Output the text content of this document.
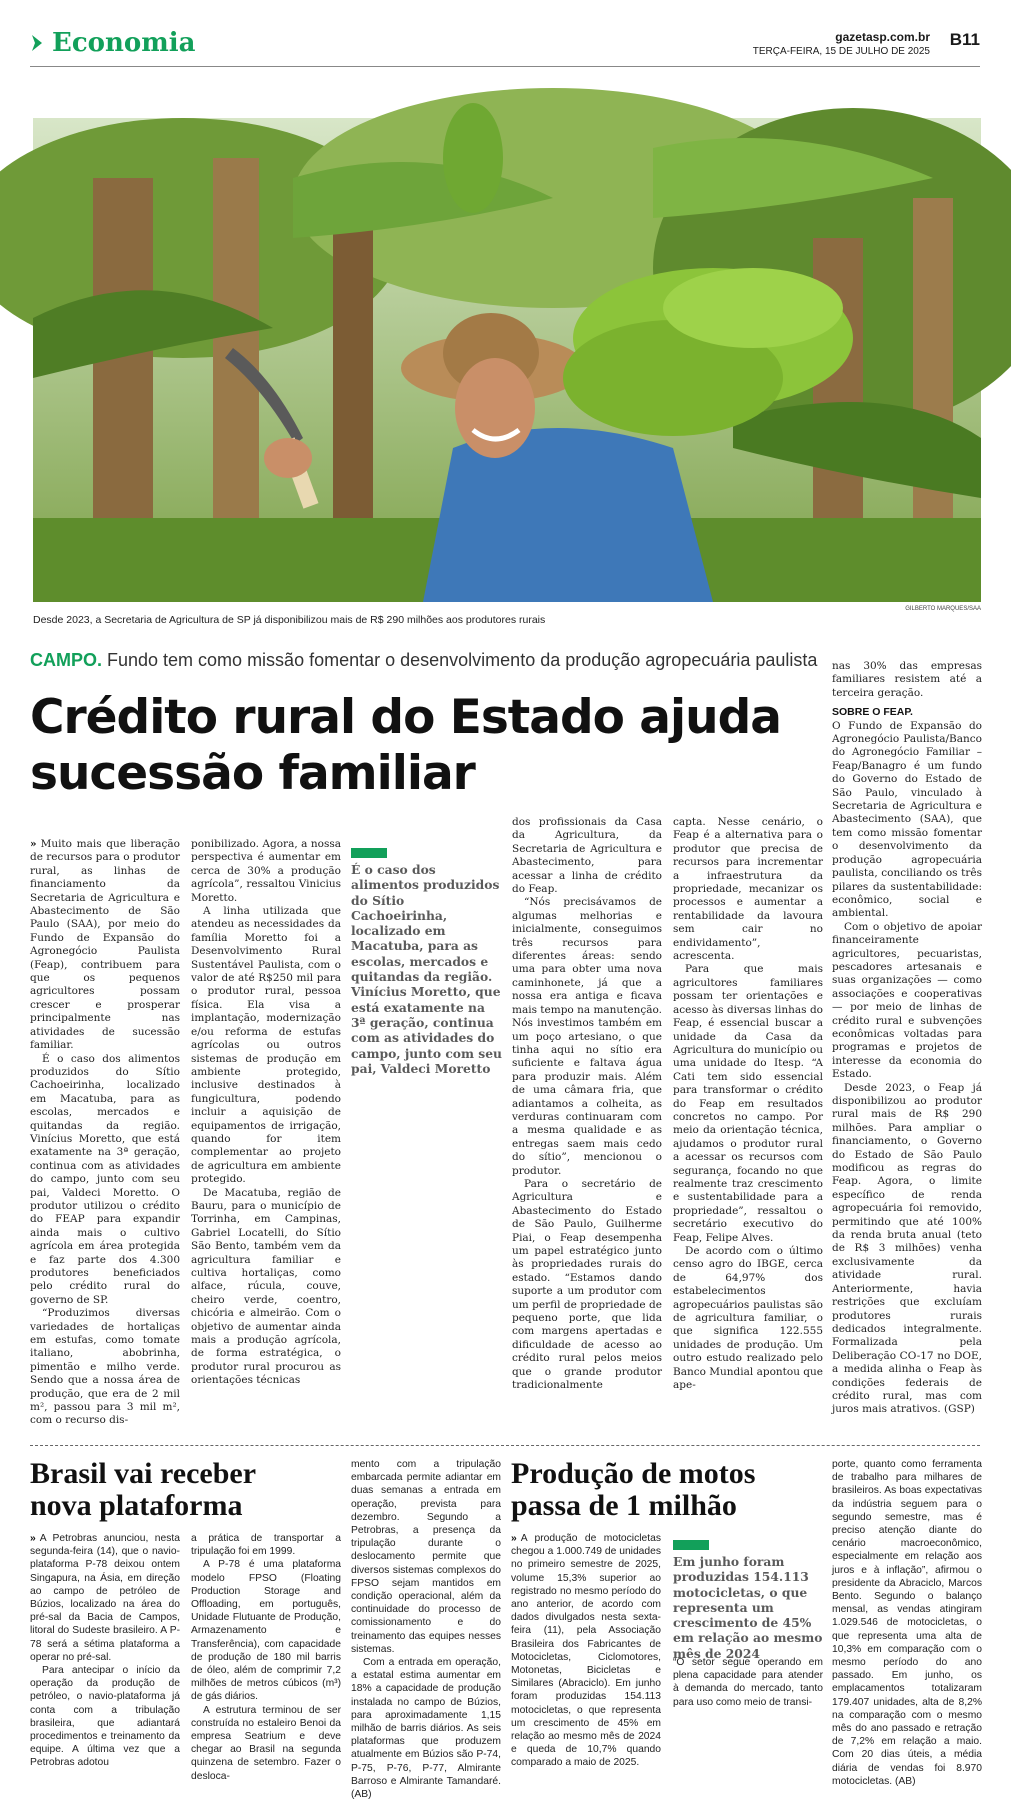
Economia	gazetasp.com.br
TERÇA-FEIRA, 15 DE JULHO DE 2025
B11
Desde 2023, a Secretaria de Agricultura de SP já disponibilizou mais de R$ 290 milhões aos produtores rurais
GILBERTO MARQUES/SAA
CAMPO. Fundo tem como missão fomentar o desenvolvimento da produção agropecuária paulista
Crédito rural do Estado ajuda sucessão familiar

» Muito mais que liberação de recursos para o produtor rural, as linhas de financiamento da Secretaria de Agricultura e Abastecimento de São Paulo (SAA), por meio do Fundo de Expansão do Agronegócio Paulista (Feap), contribuem para que os pequenos agricultores possam crescer e prosperar principalmente nas atividades de sucessão familiar.

É o caso dos alimentos produzidos do Sítio Cachoeirinha, localizado em Macatuba, para as escolas, mercados e quitandas da região. Vinícius Moretto, que está exatamente na 3ª geração, continua com as atividades do campo, junto com seu pai, Valdeci Moretto. O produtor utilizou o crédito do FEAP para expandir ainda mais o cultivo agrícola em área protegida e faz parte dos 4.300 produtores beneficiados pelo crédito rural do governo de SP.

“Produzimos diversas variedades de hortaliças em estufas, como tomate italiano, abobrinha, pimentão e milho verde. Sendo que a nossa área de produção, que era de 2 mil m², passou para 3 mil m², com o recurso dis-

ponibilizado. Agora, a nossa perspectiva é aumentar em cerca de 30% a produção agrícola”, ressaltou Vinicius Moretto.

A linha utilizada que atendeu as necessidades da família Moretto foi a Desenvolvimento Rural Sustentável Paulista, com o valor de até R$250 mil para o produtor rural, pessoa física. Ela visa a implantação, modernização e/ou reforma de estufas agrícolas ou outros sistemas de produção em ambiente protegido, inclusive destinados à fungicultura, podendo incluir a aquisição de equipamentos de irrigação, quando for item complementar ao projeto de agricultura em ambiente protegido.

De Macatuba, região de Bauru, para o município de Torrinha, em Campinas, Gabriel Locatelli, do Sítio São Bento, também vem da agricultura familiar e cultiva hortaliças, como alface, rúcula, couve, cheiro verde, coentro, chicória e almeirão. Com o objetivo de aumentar ainda mais a produção agrícola, de forma estratégica, o produtor rural procurou as orientações técnicas

É o caso dos alimentos produzidos do Sítio Cachoeirinha, localizado em Macatuba, para as escolas, mercados e quitandas da região. Vinícius Moretto, que está exatamente na 3ª geração, continua com as atividades do campo, junto com seu pai, Valdeci Moretto

dos profissionais da Casa da Agricultura, da Secretaria de Agricultura e Abastecimento, para acessar a linha de crédito do Feap.

“Nós precisávamos de algumas melhorias e inicialmente, conseguimos três recursos para diferentes áreas: sendo uma para obter uma nova caminhonete, já que a nossa era antiga e ficava mais tempo na manutenção. Nós investimos também em um poço artesiano, o que tinha aqui no sítio era suficiente e faltava água para produzir mais. Além de uma câmara fria, que adiantamos a colheita, as verduras continuaram com a mesma qualidade e as entregas saem mais cedo do sítio”, mencionou o produtor.

Para o secretário de Agricultura e Abastecimento do Estado de São Paulo, Guilherme Piai, o Feap desempenha um papel estratégico junto às propriedades rurais do estado. “Estamos dando suporte a um produtor com um perfil de propriedade de pequeno porte, que lida com margens apertadas e dificuldade de acesso ao crédito rural pelos meios que o grande produtor tradicionalmente

capta. Nesse cenário, o Feap é a alternativa para o produtor que precisa de recursos para incrementar a infraestrutura da propriedade, mecanizar os processos e aumentar a rentabilidade da lavoura sem cair no endividamento”, acrescenta.

Para que mais agricultores familiares possam ter orientações e acesso às diversas linhas do Feap, é essencial buscar a unidade da Casa da Agricultura do município ou uma unidade do Itesp. “A Cati tem sido essencial para transformar o crédito do Feap em resultados concretos no campo. Por meio da orientação técnica, ajudamos o produtor rural a acessar os recursos com segurança, focando no que realmente traz crescimento e sustentabilidade para a propriedade”, ressaltou o secretário executivo do Feap, Felipe Alves.

De acordo com o último censo agro do IBGE, cerca de 64,97% dos estabelecimentos agropecuários paulistas são de agricultura familiar, o que significa 122.555 unidades de produção. Um outro estudo realizado pelo Banco Mundial apontou que ape-

nas 30% das empresas familiares resistem até a terceira geração.

SOBRE O FEAP.

O Fundo de Expansão do Agronegócio Paulista/Banco do Agronegócio Familiar – Feap/Banagro é um fundo do Governo do Estado de São Paulo, vinculado à Secretaria de Agricultura e Abastecimento (SAA), que tem como missão fomentar o desenvolvimento da produção agropecuária paulista, conciliando os três pilares da sustentabilidade: econômico, social e ambiental.

Com o objetivo de apoiar financeiramente agricultores, pecuaristas, pescadores artesanais e suas organizações — como associações e cooperativas — por meio de linhas de crédito rural e subvenções econômicas voltadas para programas e projetos de interesse da economia do Estado.

Desde 2023, o Feap já disponibilizou ao produtor rural mais de R$ 290 milhões. Para ampliar o financiamento, o Governo do Estado de São Paulo modificou as regras do Feap. Agora, o limite específico de renda agropecuária foi removido, permitindo que até 100% da renda bruta anual (teto de R$ 3 milhões) venha exclusivamente da atividade rural. Anteriormente, havia restrições que excluíam produtores rurais dedicados integralmente. Formalizada pela Deliberação CO-17 no DOE, a medida alinha o Feap às condições federais de crédito rural, mas com juros mais atrativos. (GSP)

Brasil vai receber nova plataforma

» A Petrobras anunciou, nesta segunda-feira (14), que o navio-plataforma P-78 deixou ontem Singapura, na Ásia, em direção ao campo de petróleo de Búzios, localizado na área do pré-sal da Bacia de Campos, litoral do Sudeste brasileiro. A P-78 será a sétima plataforma a operar no pré-sal.

Para antecipar o início da operação da produção de petróleo, o navio-plataforma já conta com a tribulação brasileira, que adiantará procedimentos e treinamento da equipe. A última vez que a Petrobras adotou

a prática de transportar a tripulação foi em 1999.

A P-78 é uma plataforma modelo FPSO (Floating Production Storage and Offloading, em português, Unidade Flutuante de Produção, Armazenamento e Transferência), com capacidade de produção de 180 mil barris de óleo, além de comprimir 7,2 milhões de metros cúbicos (m³) de gás diários.

A estrutura terminou de ser construída no estaleiro Benoi da empresa Seatrium e deve chegar ao Brasil na segunda quinzena de setembro. Fazer o desloca-

mento com a tripulação embarcada permite adiantar em duas semanas a entrada em operação, prevista para dezembro. Segundo a Petrobras, a presença da tripulação durante o deslocamento permite que diversos sistemas complexos do FPSO sejam mantidos em condição operacional, além da continuidade do processo de comissionamento e do treinamento das equipes nesses sistemas.

Com a entrada em operação, a estatal estima aumentar em 18% a capacidade de produção instalada no campo de Búzios, para aproximadamente 1,15 milhão de barris diários. As seis plataformas que produzem atualmente em Búzios são P-74, P-75, P-76, P-77, Almirante Barroso e Almirante Tamandaré. (AB)

Produção de motos passa de 1 milhão

» A produção de motocicletas chegou a 1.000.749 de unidades no primeiro semestre de 2025, volume 15,3% superior ao registrado no mesmo período do ano anterior, de acordo com dados divulgados nesta sexta-feira (11), pela Associação Brasileira dos Fabricantes de Motocicletas, Ciclomotores, Motonetas, Bicicletas e Similares (Abraciclo). Em junho foram produzidas 154.113 motocicletas, o que representa um crescimento de 45% em relação ao mesmo mês de 2024 e queda de 10,7% quando comparado a maio de 2025.

Em junho foram produzidas 154.113 motocicletas, o que representa um crescimento de 45% em relação ao mesmo mês de 2024

“O setor segue operando em plena capacidade para atender à demanda do mercado, tanto para uso como meio de transi-

porte, quanto como ferramenta de trabalho para milhares de brasileiros. As boas expectativas da indústria seguem para o segundo semestre, mas é preciso atenção diante do cenário macroeconômico, especialmente em relação aos juros e à inflação”, afirmou o presidente da Abraciclo, Marcos Bento. Segundo o balanço mensal, as vendas atingiram 1.029.546 de motocicletas, o que representa uma alta de 10,3% em comparação com o mesmo período do ano passado. Em junho, os emplacamentos totalizaram 179.407 unidades, alta de 8,2% na comparação com o mesmo mês do ano passado e retração de 7,2% em relação a maio. Com 20 dias úteis, a média diária de vendas foi 8.970 motocicletas. (AB)
